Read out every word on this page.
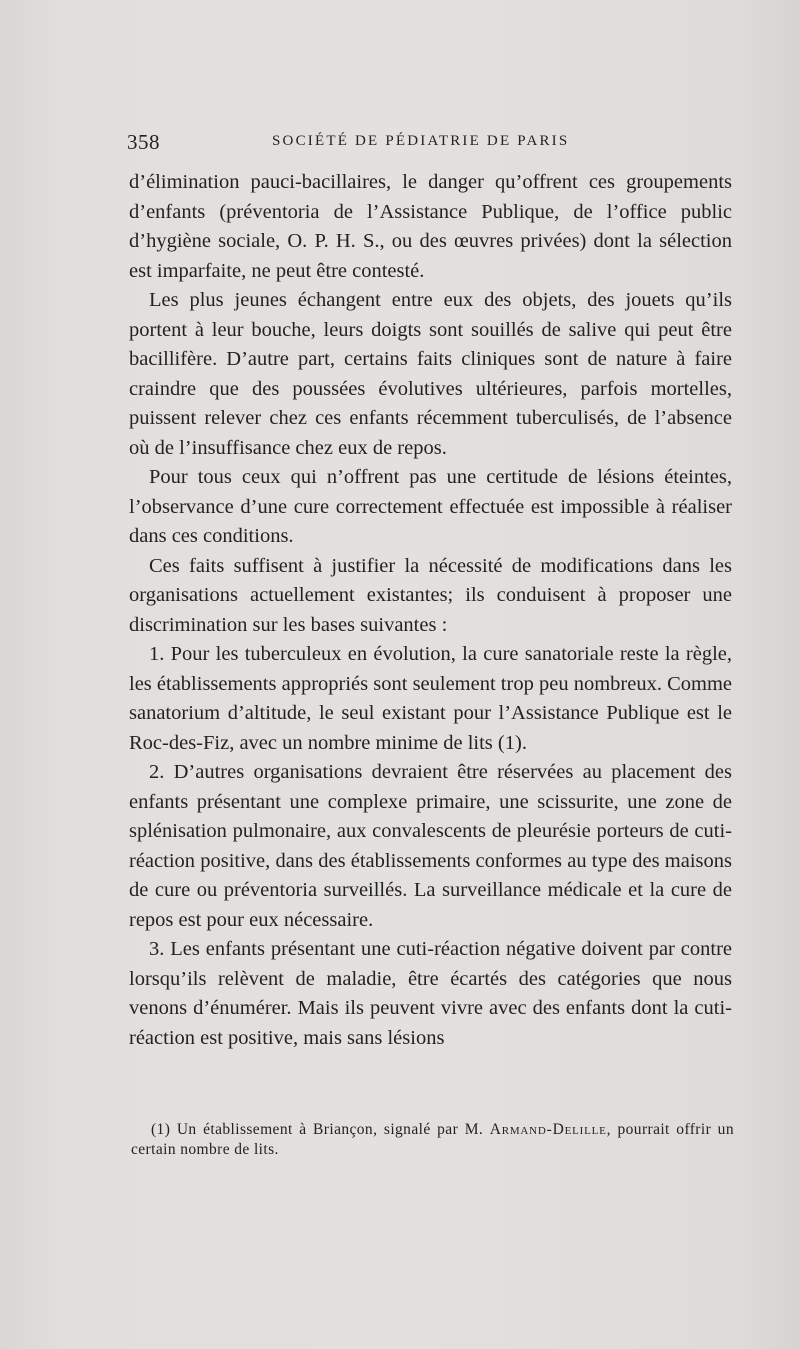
358	SOCIÉTÉ DE PÉDIATRIE DE PARIS

d’élimination pauci-bacillaires, le danger qu’offrent ces groupements d’enfants (préventoria de l’Assistance Publique, de l’office public d’hygiène sociale, O. P. H. S., ou des œuvres privées) dont la sélection est imparfaite, ne peut être contesté.

Les plus jeunes échangent entre eux des objets, des jouets qu’ils portent à leur bouche, leurs doigts sont souillés de salive qui peut être bacillifère. D’autre part, certains faits cliniques sont de nature à faire craindre que des poussées évolutives ultérieures, parfois mortelles, puissent relever chez ces enfants récemment tuberculisés, de l’absence où de l’insuffisance chez eux de repos.

Pour tous ceux qui n’offrent pas une certitude de lésions éteintes, l’observance d’une cure correctement effectuée est impossible à réaliser dans ces conditions.

Ces faits suffisent à justifier la nécessité de modifications dans les organisations actuellement existantes; ils conduisent à proposer une discrimination sur les bases suivantes :

1. Pour les tuberculeux en évolution, la cure sanatoriale reste la règle, les établissements appropriés sont seulement trop peu nombreux. Comme sanatorium d’altitude, le seul existant pour l’Assistance Publique est le Roc-des-Fiz, avec un nombre minime de lits (1).

2. D’autres organisations devraient être réservées au placement des enfants présentant une complexe primaire, une scissurite, une zone de splénisation pulmonaire, aux convalescents de pleurésie porteurs de cuti-réaction positive, dans des établissements conformes au type des maisons de cure ou préventoria surveillés. La surveillance médicale et la cure de repos est pour eux nécessaire.

3. Les enfants présentant une cuti-réaction négative doivent par contre lorsqu’ils relèvent de maladie, être écartés des catégories que nous venons d’énumérer. Mais ils peuvent vivre avec des enfants dont la cuti-réaction est positive, mais sans lésions

(1) Un établissement à Briançon, signalé par M. Armand-Delille, pourrait offrir un certain nombre de lits.
